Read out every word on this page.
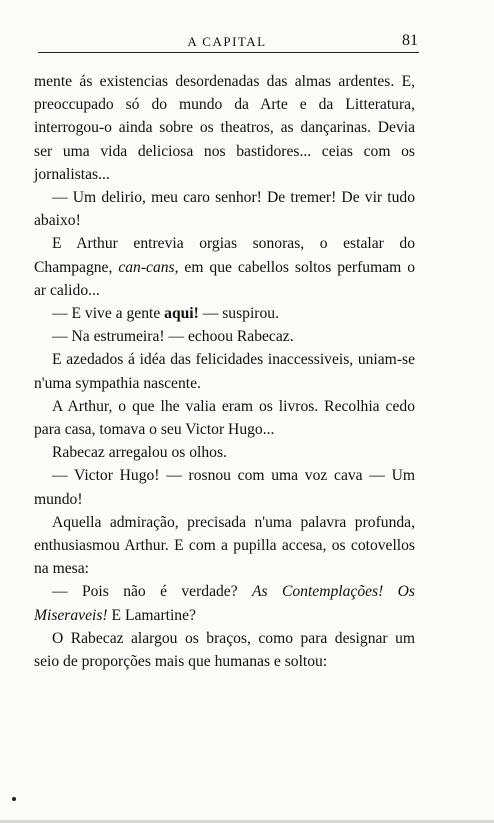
A CAPITAL	81

mente ás existencias desordenadas das almas ardentes. E, preoccupado só do mundo da Arte e da Litteratura, interrogou-o ainda sobre os theatros, as dançarinas. Devia ser uma vida deliciosa nos bastidores... ceias com os jornalistas...

— Um delirio, meu caro senhor! De tremer! De vir tudo abaixo!

E Arthur entrevia orgias sonoras, o estalar do Champagne, can-cans, em que cabellos soltos perfumam o ar calido...

— E vive a gente aqui! — suspirou.

— Na estrumeira! — echoou Rabecaz.

E azedados á idéa das felicidades inaccessiveis, uniam-se n'uma sympathia nascente.

A Arthur, o que lhe valia eram os livros. Recolhia cedo para casa, tomava o seu Victor Hugo...

Rabecaz arregalou os olhos.

— Victor Hugo! — rosnou com uma voz cava — Um mundo!

Aquella admiração, precisada n'uma palavra profunda, enthusiasmou Arthur. E com a pupilla accesa, os cotovellos na mesa:

— Pois não é verdade? As Contemplações! Os Miseraveis! E Lamartine?

O Rabecaz alargou os braços, como para designar um seio de proporções mais que humanas e soltou:
